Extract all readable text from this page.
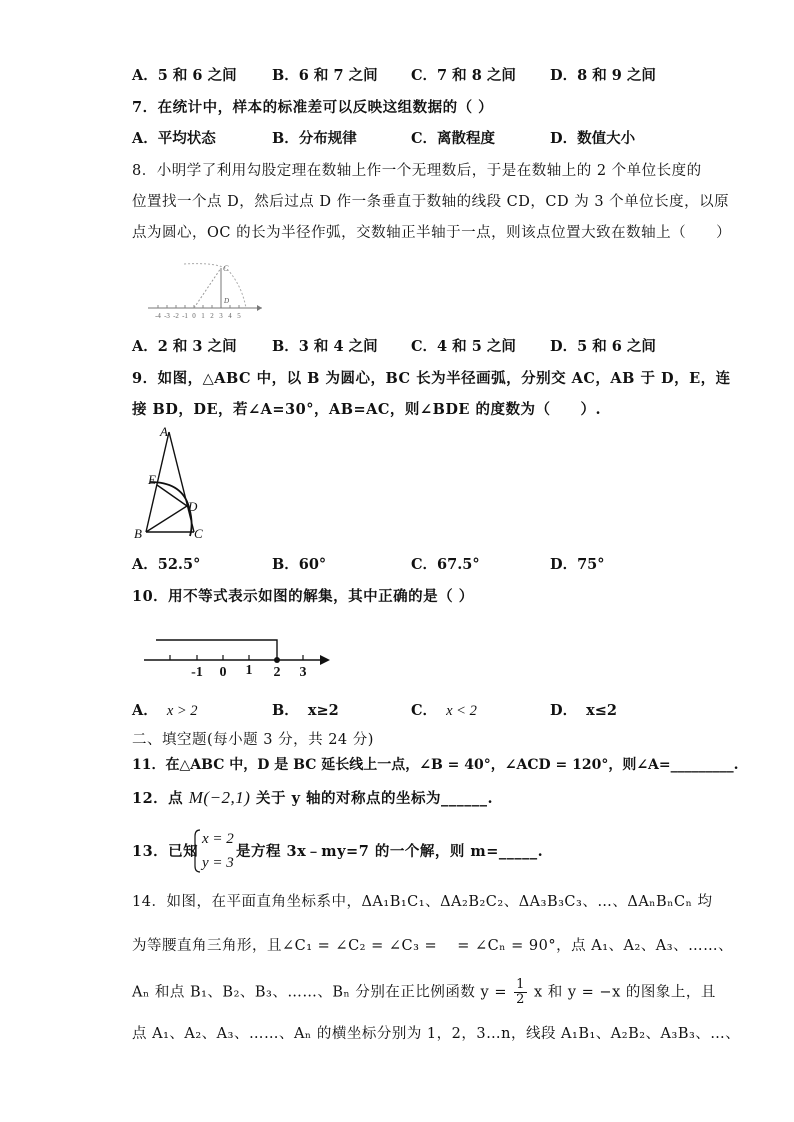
A．5 和 6 之间 B．6 和 7 之间 C．7 和 8 之间 D．8 和 9 之间
7．在统计中，样本的标准差可以反映这组数据的（ ）
A．平均状态	B．分布规律	C．离散程度	D．数值大小
8．小明学了利用勾股定理在数轴上作一个无理数后，于是在数轴上的 2 个单位长度的
位置找一个点 D，然后过点 D 作一条垂直于数轴的线段 CD，CD 为 3 个单位长度，以原
点为圆心，OC 的长为半径作弧，交数轴正半轴于一点，则该点位置大致在数轴上（　　）
C
D
-4 -3 -2 -1 0 1 2 3 4 5
A．2 和 3 之间 B．3 和 4 之间 C．4 和 5 之间 D．5 和 6 之间
9．如图，△ABC 中，以 B 为圆心，BC 长为半径画弧，分别交 AC，AB 于 D，E，连
接 BD，DE，若∠A=30°，AB=AC，则∠BDE 的度数为（　　）.
A
E
D
B	C
A．52.5°	B．60°	C．67.5°	D．75°
10．用不等式表示如图的解集，其中正确的是（ ）
-1 0 1 2 3
A． x > 2	B． x≥2	C． x < 2	D． x≤2
二、填空题(每小题 3 分，共 24 分)
11．在△ABC 中，D 是 BC 延长线上一点，∠B = 40°，∠ACD = 120°，则∠A=_________.
12．点 M(−2,1) 关于 y 轴的对称点的坐标为______.
13．已知
x = 2
y = 3
是方程 3x﹣my=7 的一个解，则 m=_____.
14．如图，在平面直角坐标系中，ΔA₁B₁C₁、ΔA₂B₂C₂、ΔA₃B₃C₃、…、ΔAₙBₙCₙ 均
为等腰直角三角形，且∠C₁ = ∠C₂ = ∠C₃ =　 = ∠Cₙ = 90°，点 A₁、A₂、A₃、……、
Aₙ 和点 B₁、B₂、B₃、……、Bₙ 分别在正比例函数 $y = \frac{1}{2}$ x 和 y = −x 的图象上，且
点 A₁、A₂、A₃、……、Aₙ 的横坐标分别为 1，2，3…n，线段 A₁B₁、A₂B₂、A₃B₃、…、
